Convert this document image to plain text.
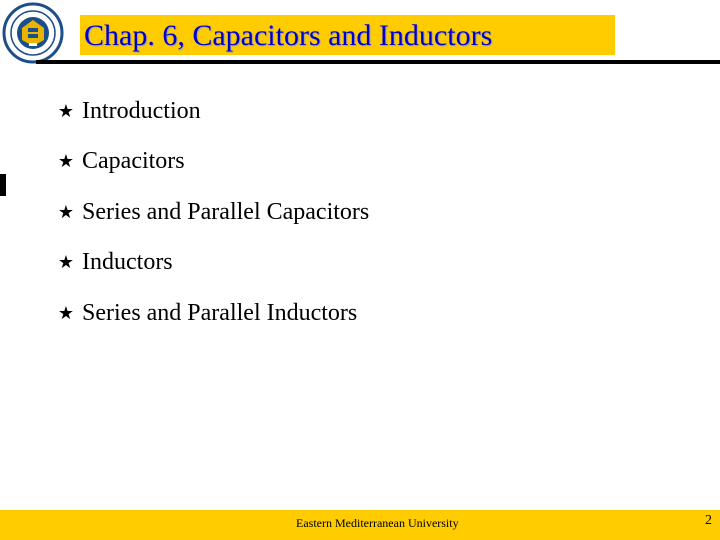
Chap. 6, Capacitors and Inductors
★ Introduction
★ Capacitors
★ Series and Parallel Capacitors
★ Inductors
★ Series and Parallel Inductors
Eastern Mediterranean University	2
